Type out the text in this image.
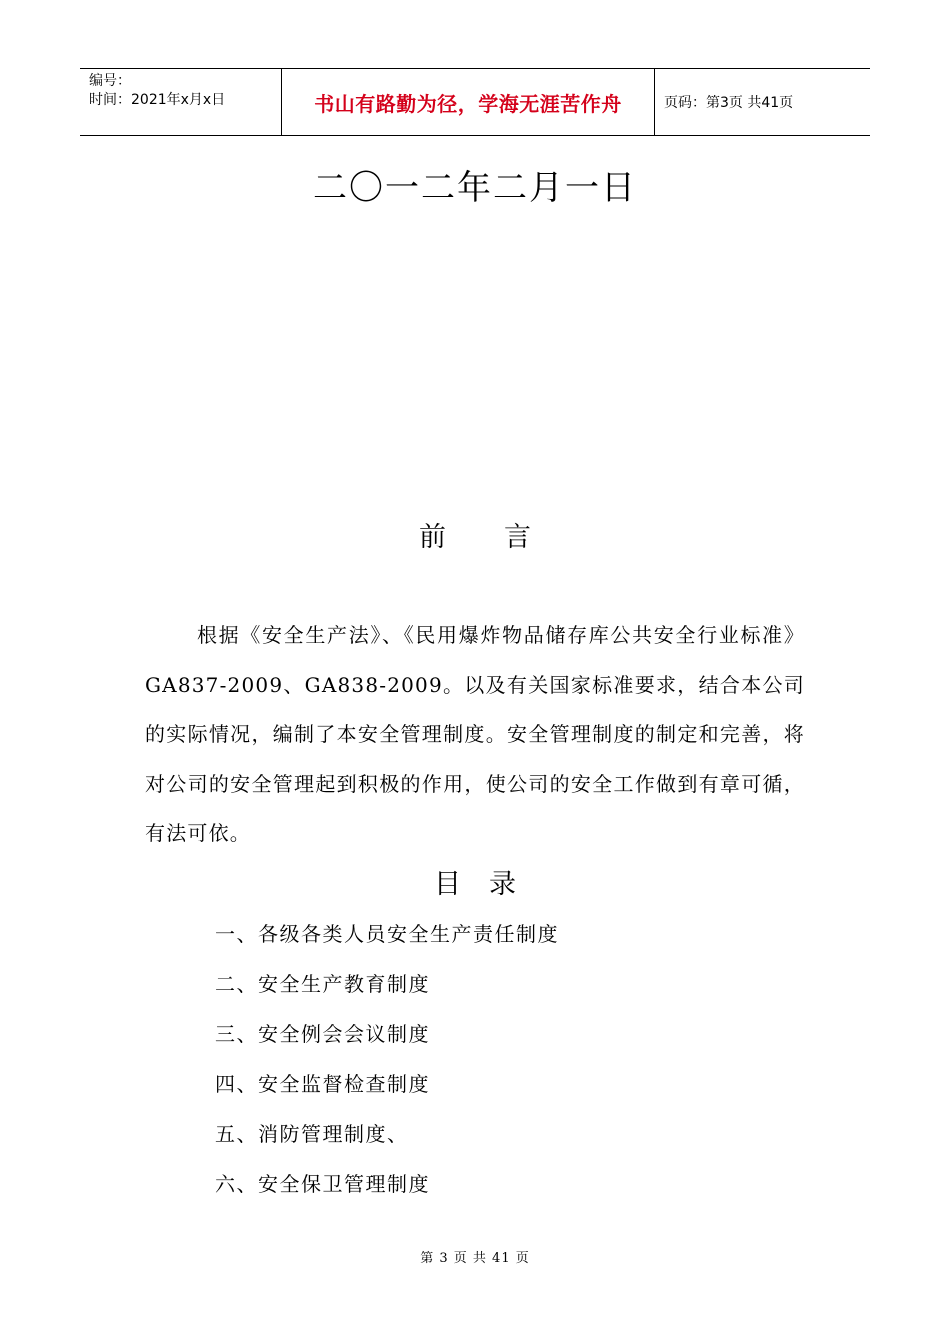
编号：
时间：2021年x月x日	书山有路勤为径，学海无涯苦作舟	页码：第3页 共41页
二〇一二年二月一日
前 言

根据《安全生产法》、《民用爆炸物品储存库公共安全行业标准》GA837-2009、GA838-2009。以及有关国家标准要求，结合本公司的实际情况，编制了本安全管理制度。安全管理制度的制定和完善，将对公司的安全管理起到积极的作用，使公司的安全工作做到有章可循，有法可依。

目 录
一、各级各类人员安全生产责任制度
二、安全生产教育制度
三、安全例会会议制度
四、安全监督检查制度
五、消防管理制度、
六、安全保卫管理制度
第 3 页 共 41 页
